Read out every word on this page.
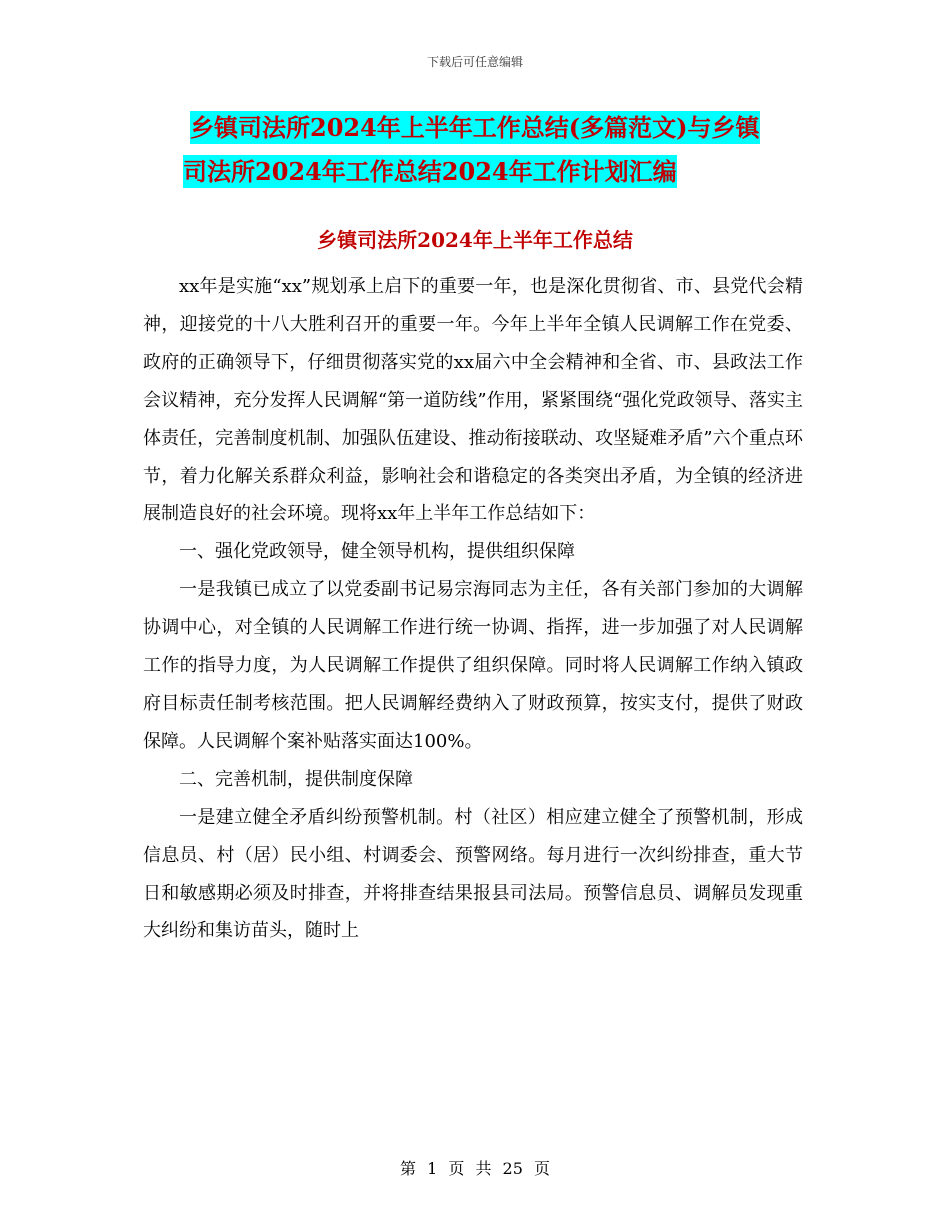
下载后可任意编辑
乡镇司法所2024年上半年工作总结(多篇范文)与乡镇
司法所2024年工作总结2024年工作计划汇编
乡镇司法所2024年上半年工作总结

xx年是实施“xx”规划承上启下的重要一年，也是深化贯彻省、市、县党代会精神，迎接党的十八大胜利召开的重要一年。今年上半年全镇人民调解工作在党委、政府的正确领导下，仔细贯彻落实党的xx届六中全会精神和全省、市、县政法工作会议精神，充分发挥人民调解“第一道防线”作用，紧紧围绕“强化党政领导、落实主体责任，完善制度机制、加强队伍建设、推动衔接联动、攻坚疑难矛盾”六个重点环节，着力化解关系群众利益，影响社会和谐稳定的各类突出矛盾，为全镇的经济进展制造良好的社会环境。现将xx年上半年工作总结如下：

一、强化党政领导，健全领导机构，提供组织保障

一是我镇已成立了以党委副书记易宗海同志为主任，各有关部门参加的大调解协调中心，对全镇的人民调解工作进行统一协调、指挥，进一步加强了对人民调解工作的指导力度，为人民调解工作提供了组织保障。同时将人民调解工作纳入镇政府目标责任制考核范围。把人民调解经费纳入了财政预算，按实支付，提供了财政保障。人民调解个案补贴落实面达100%。

二、完善机制，提供制度保障

一是建立健全矛盾纠纷预警机制。村（社区）相应建立健全了预警机制，形成信息员、村（居）民小组、村调委会、预警网络。每月进行一次纠纷排查，重大节日和敏感期必须及时排查，并将排查结果报县司法局。预警信息员、调解员发现重大纠纷和集访苗头，随时上

第 1 页 共 25 页
